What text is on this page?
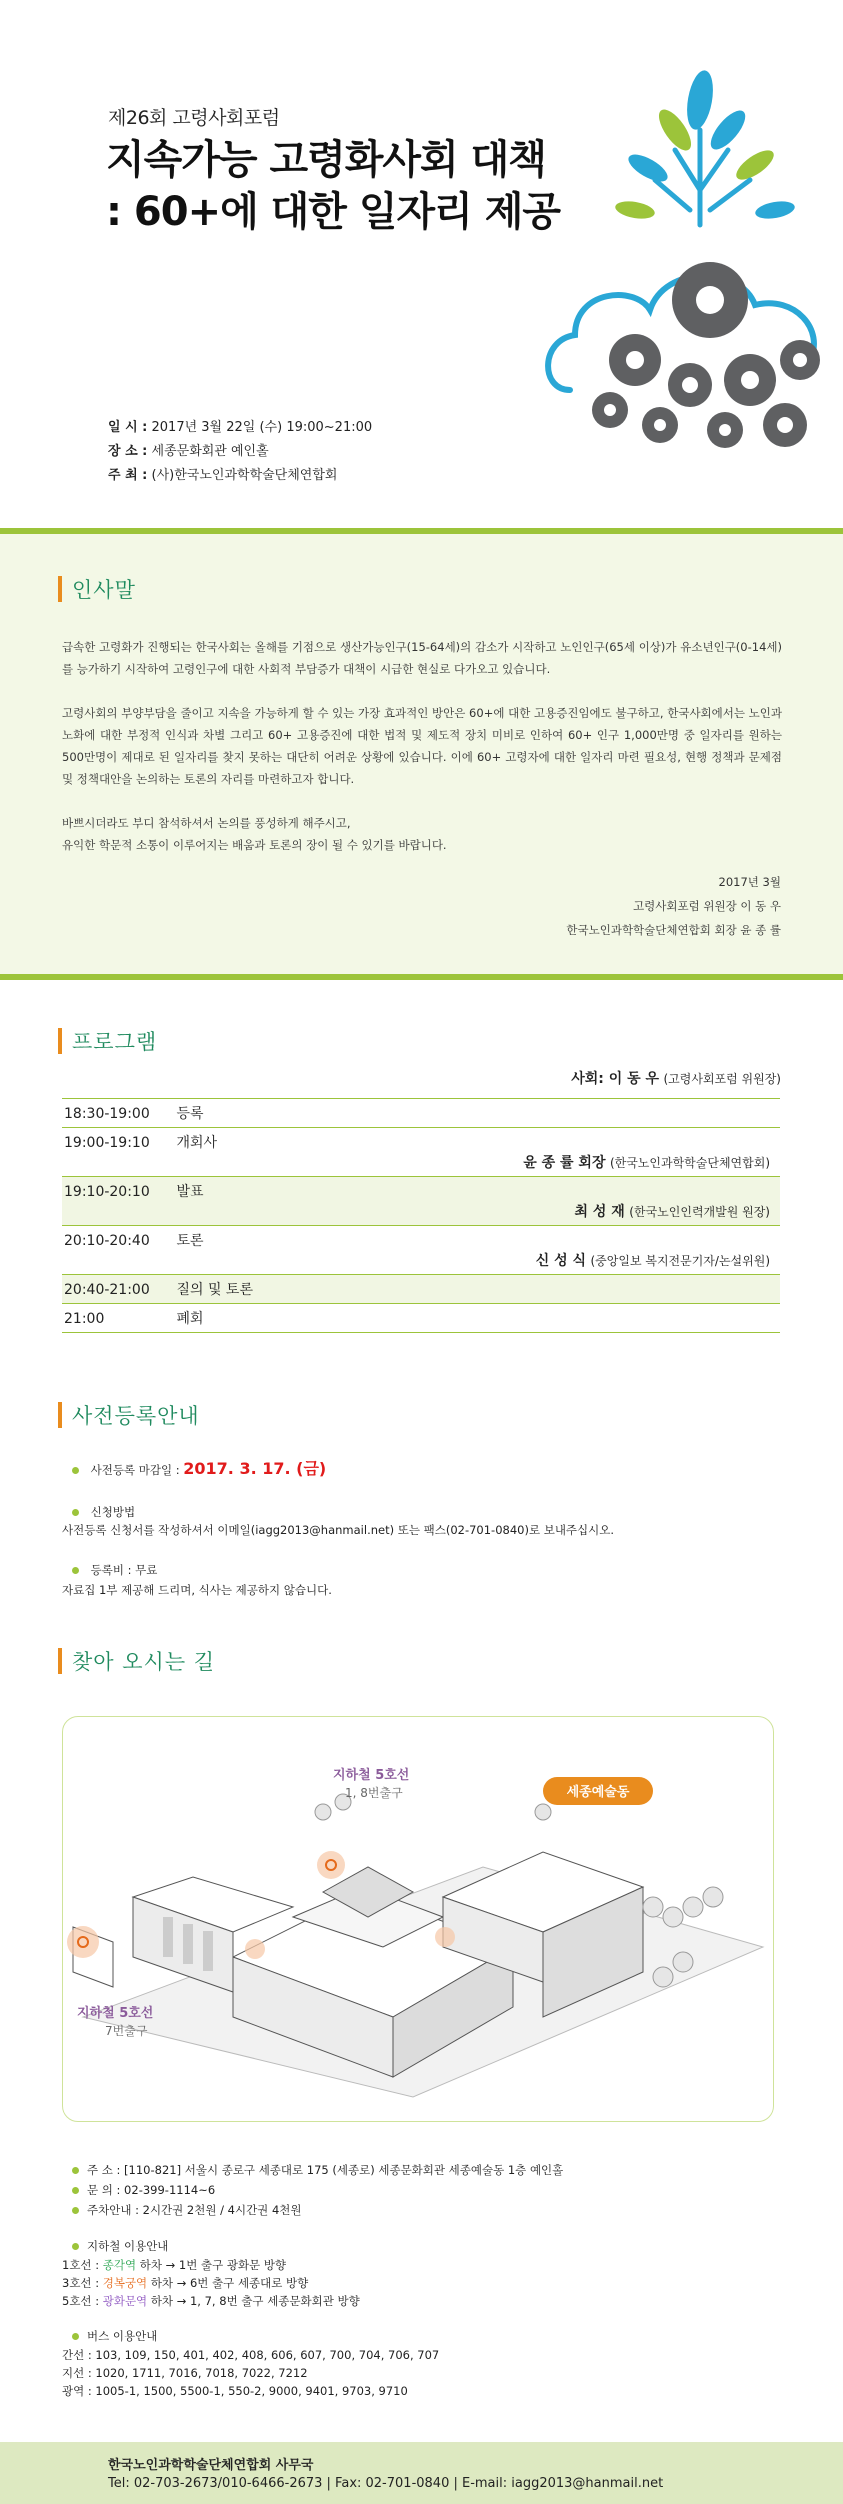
제26회 고령사회포럼
지속가능 고령화사회 대책
: 60+에 대한 일자리 제공
일 시 : 2017년 3월 22일 (수) 19:00~21:00
장 소 : 세종문화회관 예인홀
주 최 : (사)한국노인과학학술단체연합회
인사말

급속한 고령화가 진행되는 한국사회는 올해를 기점으로 생산가능인구(15-64세)의 감소가 시작하고 노인인구(65세 이상)가 유소년인구(0-14세)를 능가하기 시작하여 고령인구에 대한 사회적 부담증가 대책이 시급한 현실로 다가오고 있습니다.

고령사회의 부양부담을 줄이고 지속을 가능하게 할 수 있는 가장 효과적인 방안은 60+에 대한 고용증진임에도 불구하고, 한국사회에서는 노인과 노화에 대한 부정적 인식과 차별 그리고 60+ 고용증진에 대한 법적 및 제도적 장치 미비로 인하여 60+ 인구 1,000만명 중 일자리를 원하는 500만명이 제대로 된 일자리를 찾지 못하는 대단히 어려운 상황에 있습니다. 이에 60+ 고령자에 대한 일자리 마련 필요성, 현행 정책과 문제점 및 정책대안을 논의하는 토론의 자리를 마련하고자 합니다.

바쁘시더라도 부디 참석하셔서 논의를 풍성하게 해주시고,

유익한 학문적 소통이 이루어지는 배움과 토론의 장이 될 수 있기를 바랍니다.

2017년 3월
고령사회포럼 위원장 이 동 우
한국노인과학학술단체연합회 회장 윤 종 률
프로그램
사회: 이 동 우 (고령사회포럼 위원장)
18:30-19:00 등록
19:00-19:10 개회사
윤 종 률 회장 (한국노인과학학술단체연합회)
19:10-20:10 발표
최 성 재 (한국노인인력개발원 원장)
20:10-20:40 토론
신 성 식 (중앙일보 복지전문기자/논설위원)
20:40-21:00 질의 및 토론
21:00	폐회
사전등록안내
사전등록 마감일 : 2017. 3. 17. (금)
신청방법
사전등록 신청서를 작성하셔서 이메일(iagg2013@hanmail.net) 또는 팩스(02-701-0840)로 보내주십시오.
등록비 : 무료
자료집 1부 제공해 드리며, 식사는 제공하지 않습니다.
찾아 오시는 길
지하철 5호선
1, 8번출구	세종예술동
지하철 5호선
7번출구
주 소 : [110-821] 서울시 종로구 세종대로 175 (세종로) 세종문화회관 세종예술동 1층 예인홀
문 의 : 02-399-1114~6
주차안내 : 2시간권 2천원 / 4시간권 4천원
지하철 이용안내
1호선 : 종각역 하차 → 1번 출구 광화문 방향
3호선 : 경복궁역 하차 → 6번 출구 세종대로 방향
5호선 : 광화문역 하차 → 1, 7, 8번 출구 세종문화회관 방향
버스 이용안내
간선 : 103, 109, 150, 401, 402, 408, 606, 607, 700, 704, 706, 707
지선 : 1020, 1711, 7016, 7018, 7022, 7212
광역 : 1005-1, 1500, 5500-1, 550-2, 9000, 9401, 9703, 9710
한국노인과학학술단체연합회 사무국
Tel: 02-703-2673/010-6466-2673 | Fax: 02-701-0840 | E-mail: iagg2013@hanmail.net
